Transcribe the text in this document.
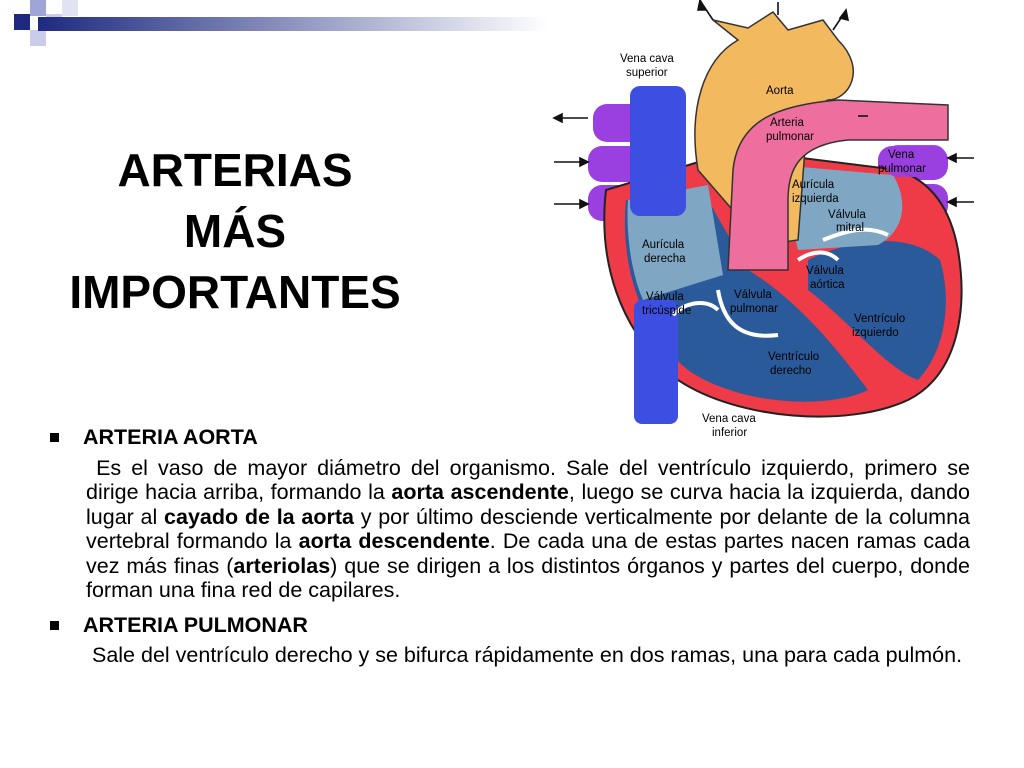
ARTERIAS
MÁS
IMPORTANTES
Vena cava
superior
Aorta
Arteria
pulmonar
Vena
pulmonar
Aurícula
izquierda
Válvula
mitral
Aurícula
derecha
Válvula
aórtica
Válvula
tricúspide
Válvula
pulmonar
Ventrículo
izquierdo
Ventrículo
derecho
Vena cava
inferior
ARTERIA AORTA

Es el vaso de mayor diámetro del organismo. Sale del ventrículo izquierdo, primero se dirige hacia arriba, formando la aorta ascendente, luego se curva hacia la izquierda, dando lugar al cayado de la aorta y por último desciende verticalmente por delante de la columna vertebral formando la aorta descendente. De cada una de estas partes nacen ramas cada vez más finas (arteriolas) que se dirigen a los distintos órganos y partes del cuerpo, donde forman una fina red de capilares.

ARTERIA PULMONAR

Sale del ventrículo derecho y se bifurca rápidamente en dos ramas, una para cada pulmón.
